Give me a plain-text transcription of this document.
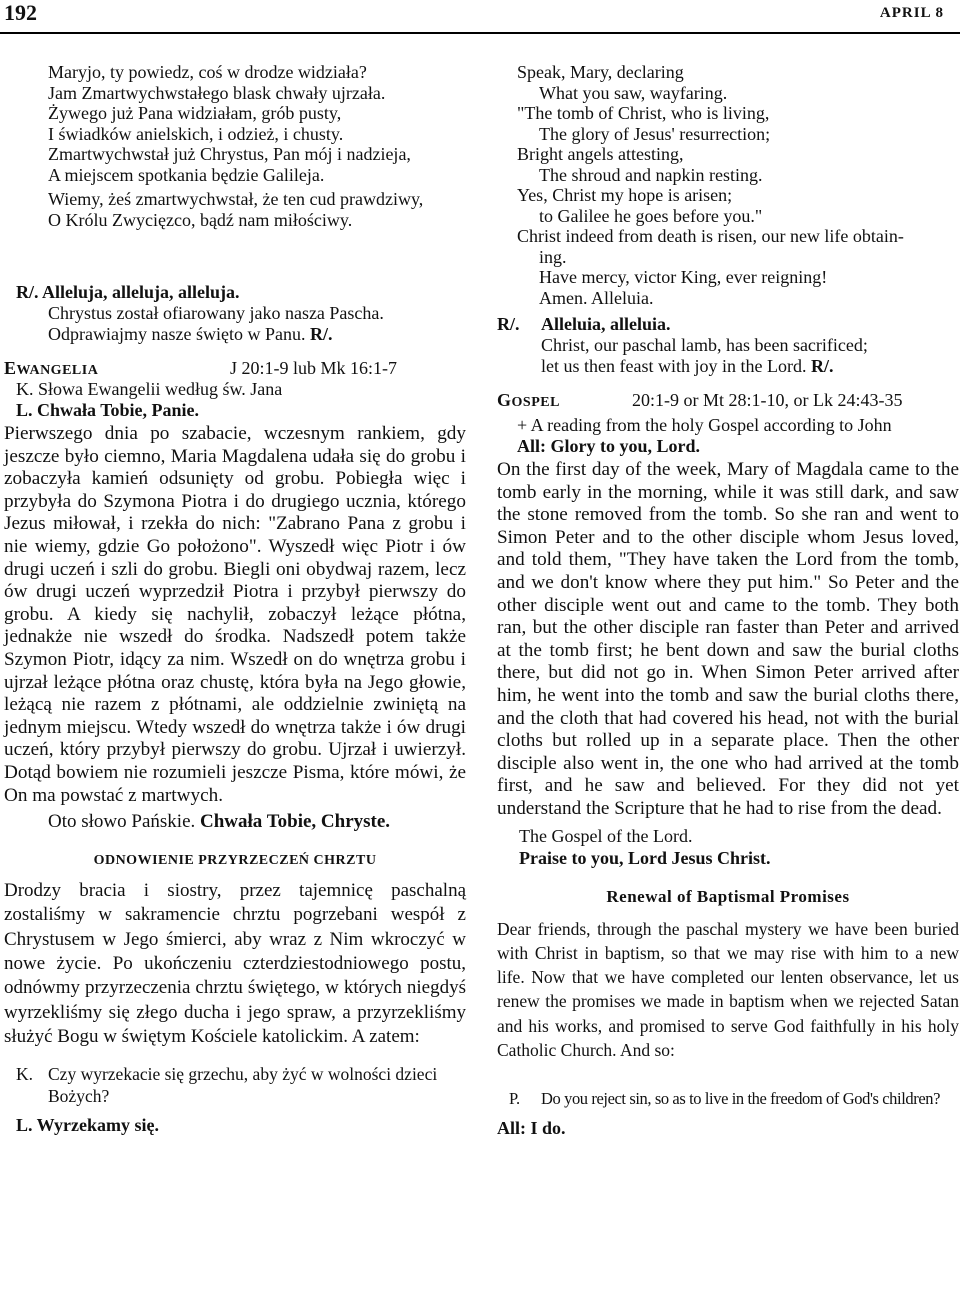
192	APRIL 8
Maryjo, ty powiedz, coś w drodze widziała?
Jam Zmartwychwstałego blask chwały ujrzała.
Żywego już Pana widziałam, grób pusty,
I świadków anielskich, i odzież, i chusty.
Zmartwychwstał już Chrystus, Pan mój i nadzieja,
A miejscem spotkania będzie Galileja.
Wiemy, żeś zmartwychwstał, że ten cud prawdziwy,
O Królu Zwycięzco, bądź nam miłościwy.
R/. Alleluja, alleluja, alleluja.
Chrystus został ofiarowany jako nasza Pascha.
Odprawiajmy nasze święto w Panu. R/.
EWANGELIA	J 20:1-9 lub Mk 16:1-7
K. Słowa Ewangelii według św. Jana
L. Chwała Tobie, Panie.
Pierwszego dnia po szabacie, wczesnym rankiem, gdy jeszcze było ciemno, Maria Magdalena udała się do grobu i zobaczyła kamień odsunięty od grobu. Pobiegła więc i przybyła do Szymona Piotra i do drugiego ucznia, którego Jezus miłował, i rzekła do nich: "Zabrano Pana z grobu i nie wiemy, gdzie Go położono". Wyszedł więc Piotr i ów drugi uczeń i szli do grobu. Biegli oni obydwaj razem, lecz ów drugi uczeń wyprzedził Piotra i przybył pierwszy do grobu. A kiedy się nachylił, zobaczył leżące płótna, jednakże nie wszedł do środka. Nadszedł potem także Szymon Piotr, idący za nim. Wszedł on do wnętrza grobu i ujrzał leżące płótna oraz chustę, która była na Jego głowie, leżącą nie razem z płótnami, ale oddzielnie zwiniętą na jednym miejscu. Wtedy wszedł do wnętrza także i ów drugi uczeń, który przybył pierwszy do grobu. Ujrzał i uwierzył. Dotąd bowiem nie rozumieli jeszcze Pisma, które mówi, że On ma powstać z martwych.
Oto słowo Pańskie. Chwała Tobie, Chryste.
ODNOWIENIE PRZYRZECZEŃ CHRZTU
Drodzy bracia i siostry, przez tajemnicę paschalną zostaliśmy w sakramencie chrztu pogrzebani wespół z Chrystusem w Jego śmierci, aby wraz z Nim wkroczyć w nowe życie. Po ukończeniu czterdziestodniowego postu, odnówmy przyrzeczenia chrztu świętego, w których niegdyś wyrzekliśmy się złego ducha i jego spraw, a przyrzekliśmy służyć Bogu w świętym Kościele katolickim. A zatem:
K. Czy wyrzekacie się grzechu, aby żyć w wolności dzieci Bożych?
L. Wyrzekamy się.
Speak, Mary, declaring
What you saw, wayfaring.
"The tomb of Christ, who is living,
The glory of Jesus' resurrection;
Bright angels attesting,
The shroud and napkin resting.
Yes, Christ my hope is arisen;
to Galilee he goes before you."
Christ indeed from death is risen, our new life obtain-
ing.
Have mercy, victor King, ever reigning!
Amen. Alleluia.
R/. Alleluia, alleluia.
Christ, our paschal lamb, has been sacrificed;
let us then feast with joy in the Lord. R/.
GOSPEL	20:1-9 or Mt 28:1-10, or Lk 24:43-35
+ A reading from the holy Gospel according to John
All: Glory to you, Lord.
On the first day of the week, Mary of Magdala came to the tomb early in the morning, while it was still dark, and saw the stone removed from the tomb. So she ran and went to Simon Peter and to the other disciple whom Jesus loved, and told them, "They have taken the Lord from the tomb, and we don't know where they put him." So Peter and the other disciple went out and came to the tomb. They both ran, but the other disciple ran faster than Peter and arrived at the tomb first; he bent down and saw the burial cloths there, but did not go in. When Simon Peter arrived after him, he went into the tomb and saw the burial cloths there, and the cloth that had covered his head, not with the burial cloths but rolled up in a separate place. Then the other disciple also went in, the one who had arrived at the tomb first, and he saw and believed. For they did not yet understand the Scripture that he had to rise from the dead.
The Gospel of the Lord.
Praise to you, Lord Jesus Christ.
Renewal of Baptismal Promises
Dear friends, through the paschal mystery we have been buried with Christ in baptism, so that we may rise with him to a new life. Now that we have completed our lenten observance, let us renew the promises we made in baptism when we rejected Satan and his works, and promised to serve God faithfully in his holy Catholic Church. And so:
P.	Do you reject sin, so as to live in the freedom of God's children?
All: I do.
